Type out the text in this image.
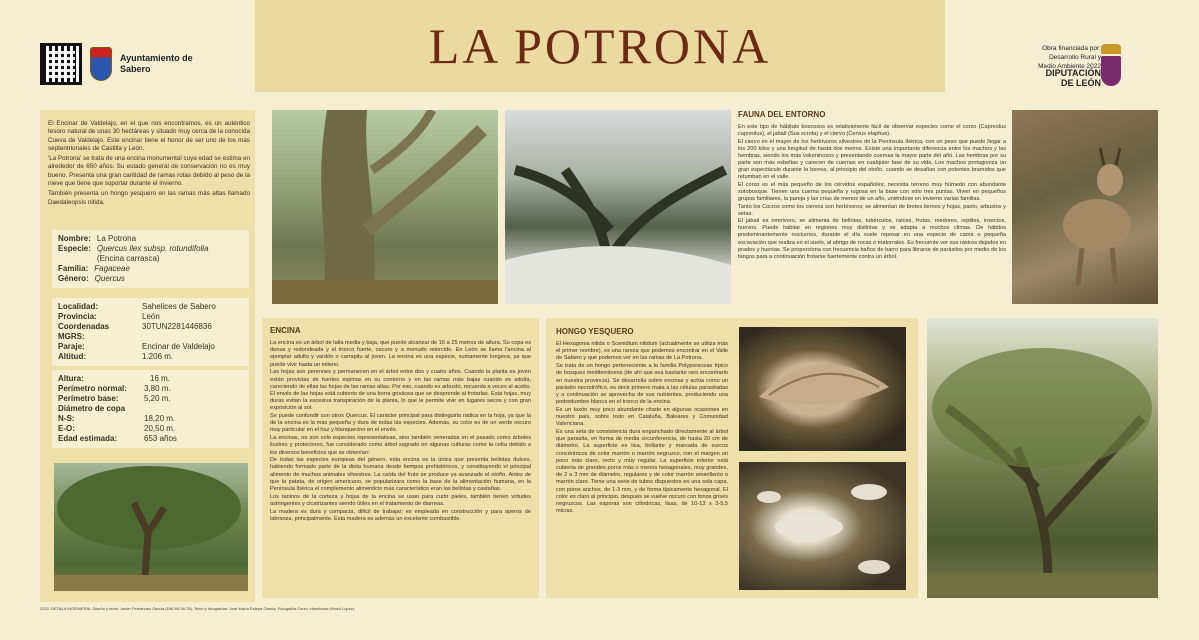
Ayuntamiento de
Sabero	LA POTRONA	Obra financiada por:
Desarrollo Rural y
Medio Ambiente 2022
DIPUTACIÓN
DE LEÓN

El Encinar de Valdelajo, en el que nos encontramos, es un auténtico tesoro natural de unas 30 hectáreas y situado muy cerca de la conocida Cueva de Valdelajo. Este encinar tiene el honor de ser uno de los más septentrionales de Castilla y León.

'La Potrona' se trata de una encina monumental cuya edad se estima en alrededor de 650 años. Su estado general de conservación no es muy bueno. Presenta una gran cantidad de ramas rotas debido al peso de la nieve que tiene que soportar durante el invierno.

También presenta un hongo yesquero en las ramas más altas llamado Daedaleopsis nitida.

Nombre: La Potrona
Especie: Quercus ilex subsp. rotundifolia
(Encina carrasca)
Familia: Fagaceae
Género: Quercus
Localidad:	Sahelices de Sabero
Provincia:	León
Coordenadas MGRS:
30TUN2281446836
Paraje:	Encinar de Valdelajo
Altitud:	1.206 m.
Altura:	16 m.
Perímetro normal:	3,80 m.
Perímetro base:	5,20 m.
Diámetro de copa
N-S:	18,20 m.
E-O:	20,50 m.
Edad estimada:	653 años
FAUNA DEL ENTORNO

En este tipo de hábitats boscosos es relativamente fácil de observar especies como el corzo (Capreolus capreolus), el jabalí (Sus scrofa) y el ciervo (Cervus elaphus).

El ciervo es el mayor de los herbívoros silvestres de la Península Ibérica, con un peso que puede llegar a los 200 kilos y una longitud de hasta dos metros. Existe una importante diferencia entre los machos y las hembras, siendo los más voluminosos y presentando cuernas la mayor parte del año. Las hembras por su parte son más esbeltas y carecen de cuernas en cualquier fase de su vida. Los machos protagoniza un gran espectáculo durante la berrea, al principio del otoño, cuando se desafían con potentes bramidos que retumban en el valle.

El corzo es el más pequeño de los cérvidos españoles; necesita terreno muy húmedo con abundante sotobosque. Tienen una cuerna pequeña y rugosa en la base con sólo tres puntas. Viven en pequeños grupos familiares, la pareja y las crías de menos de un año, uniéndose en invierno varias familias.

Tanto los Corzos como los ciervos son herbívoros; se alimentan de brotes tiernos y hojas, pasto, arbustos y setas.

El jabalí es omnívoro, se alimenta de bellotas, tubérculos, raíces, frutas, roedores, reptiles, insectos, huevos. Puede habitar en regiones muy distintas y se adapta a muchos climas. De hábitos predominantemente nocturnos, durante el día suele reposar en una especie de cama o pequeña excavación que realiza en el suelo, al abrigo de rocas o matorrales. Es frecuente ver sus rastros dejados en prados y huertas. Se proporciona con frecuencia baños de barro para librarse de parásitos por medio de los fangos para a continuación frotarse fuertemente contra un árbol.

ENCINA

La encina es un árbol de talla media y baja, que puede alcanzar de 16 a 25 metros de altura. Su copa es densa y redondeada y el tronco fuerte, oscuro y a menudo retorcido. En León se llama l'ancina al ejemplar adulto y vardón o carrapitu al joven. La encina es una especie, sumamente longeva, ya que puede vivir hasta un mileno.

Las hojas son perennes y permanecen en el árbol entre dos y cuatro años. Cuando la planta es joven están provistas de fuertes espinas en su contorno y en las ramas más bajas cuando es adulta, careciendo de ellas las hojas de las ramas altas. Por eso, cuando es arbusto, recuerda a veces al acebo. El envés de las hojas está cubierto de una borra grisácea que se desprende al frotarlas. Esta hojas, muy duras evitan la excesiva transpiración de la planta, lo que le permite vivir en lugares secos y con gran exposición al sol.

Se puede confundir con otros Quercus. El carácter principal para distinguirla radica en la hoja, ya que la de la encina es la más pequeña y dura de todas las especies. Además, su color es de un verde oscuro muy particular en el haz y blanquecino en el envés.

La encinas, no son solo especies representativas, sino también veneradas en el pasado como árboles ilustres y protectores, fue considerado como árbol sagrado en algunas culturas como la celta debido a los diversos beneficios que se obtenían:

De todas las especies europeas del género, esta encina es la única que presenta bellotas dulces, habiendo formado parte de la dieta humana desde tiempos prehistóricos, y constituyendo el principal alimento de muchos animales silvestres. La caída del fruto se produce ya avanzado el otoño. Antes de que la patata, de origen americano, se popularizara como la base de la alimentación humana, en la Península Ibérica el complemento alimenticio más característico eran las bellotas y castañas.

Los taninos de la corteza y hojas de la encina se usan para curtir pieles, también tienen virtudes astringentes y cicatrizantes siendo útiles en el tratamiento de diarreas.

La madera es dura y compacta, difícil de trabajar; es empleada en construcción y para aperos de labranza, principalmente. Esta madera es además un excelente combustible.

HONGO YESQUERO

El Hexagonia nitida o Scenidium nitidum (actualmente se utiliza más el primer nombre), es una rareza que podemos encontrar en el Valle de Sabero y que podemos ver en las ramas de La Potrona.

Se trata de un hongo perteneciente a la familia Polyporaceae típico de bosques mediterráneos (de ahí que sea bastante raro encontrarlo en nuestra provincia). Se desarrolla sobre encinas y actúa como un parásito necrotrófico, es decir primero mata a las células parasitadas y a continuación se aprovecha de sus nutrientes, produciendo una podredumbre blanca en el tronco de la encina.

Es un taxón muy poco abundante citado en algunas ocasiones en nuestro país, sobre todo en Cataluña, Baleares y Comunidad Valenciana.

Es una seta de consistencia dura enganchado directamente al árbol que parasita, en forma de media circunferencia, de hasta 20 cm de diámetro. La superficie es lisa, brillante y marcada de surcos concéntricos de color marrón o marrón negruzco, con el margen un poco más claro, recto y muy regular. La superficie inferior está cubierta de grandes poros más o menos hexagonales, muy grandes, de 2 a 3 mm de diámetro, regulares y de color marrón amarillento o marrón claro. Tiene una serie de tubos dispuestos en una sola capa, con poros anchos, de 1-3 mm, y de forma típicamente hexagonal. El color es claro al principio, después se vuelve oscuro con tonos grises negruzcos. Las esporas son cilíndricas, lisas, de 10-13 x 3-5,5 micras.

2022. DETALA INGENIERIA. Diseño y texto: Javier Fernández García (DNI 69-36-78). Texto y fotografías: José María Estepa García. Fotografía Corzo: Hombuost (Hanzl López).
